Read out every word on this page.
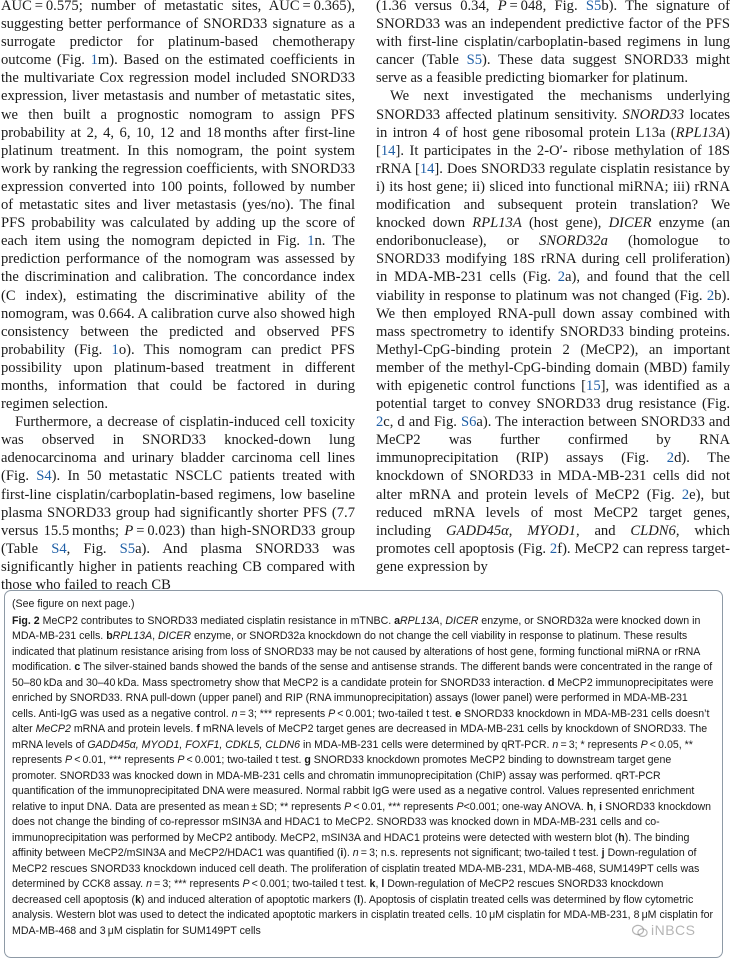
AUC = 0.575; number of metastatic sites, AUC = 0.365), suggesting better performance of SNORD33 signature as a surrogate predictor for platinum-based chemotherapy outcome (Fig. 1m). Based on the estimated coefficients in the multivariate Cox regression model included SNORD33 expression, liver metastasis and number of metastatic sites, we then built a prognostic nomogram to assign PFS probability at 2, 4, 6, 10, 12 and 18 months after first-line platinum treatment. In this nomogram, the point system work by ranking the regression coefficients, with SNORD33 expression converted into 100 points, followed by number of metastatic sites and liver metastasis (yes/no). The final PFS probability was calculated by adding up the score of each item using the nomogram depicted in Fig. 1n. The prediction performance of the nomogram was assessed by the discrimination and calibration. The concordance index (C index), estimating the discriminative ability of the nomogram, was 0.664. A calibration curve also showed high consistency between the predicted and observed PFS probability (Fig. 1o). This nomogram can predict PFS possibility upon platinum-based treatment in different months, information that could be factored in during regimen selection.

Furthermore, a decrease of cisplatin-induced cell toxicity was observed in SNORD33 knocked-down lung adenocarcinoma and urinary bladder carcinoma cell lines (Fig. S4). In 50 metastatic NSCLC patients treated with first-line cisplatin/carboplatin-based regimens, low baseline plasma SNORD33 group had significantly shorter PFS (7.7 versus 15.5 months; P = 0.023) than high-SNORD33 group (Table S4, Fig. S5a). And plasma SNORD33 was significantly higher in patients reaching CB compared with those who failed to reach CB

(1.36 versus 0.34, P = 048, Fig. S5b). The signature of SNORD33 was an independent predictive factor of the PFS with first-line cisplatin/carboplatin-based regimens in lung cancer (Table S5). These data suggest SNORD33 might serve as a feasible predicting biomarker for platinum.

We next investigated the mechanisms underlying SNORD33 affected platinum sensitivity. SNORD33 locates in intron 4 of host gene ribosomal protein L13a (RPL13A) [14]. It participates in the 2-O′- ribose methylation of 18S rRNA [14]. Does SNORD33 regulate cisplatin resistance by i) its host gene; ii) sliced into functional miRNA; iii) rRNA modification and subsequent protein translation? We knocked down RPL13A (host gene), DICER enzyme (an endoribonuclease), or SNORD32a (homologue to SNORD33 modifying 18S rRNA during cell proliferation) in MDA-MB-231 cells (Fig. 2a), and found that the cell viability in response to platinum was not changed (Fig. 2b). We then employed RNA-pull down assay combined with mass spectrometry to identify SNORD33 binding proteins. Methyl-CpG-binding protein 2 (MeCP2), an important member of the methyl-CpG-binding domain (MBD) family with epigenetic control functions [15], was identified as a potential target to convey SNORD33 drug resistance (Fig. 2c, d and Fig. S6a). The interaction between SNORD33 and MeCP2 was further confirmed by RNA immunoprecipitation (RIP) assays (Fig. 2d). The knockdown of SNORD33 in MDA-MB-231 cells did not alter mRNA and protein levels of MeCP2 (Fig. 2e), but reduced mRNA levels of most MeCP2 target genes, including GADD45α, MYOD1, and CLDN6, which promotes cell apoptosis (Fig. 2f). MeCP2 can repress target-gene expression by

(See figure on next page.)

Fig. 2 MeCP2 contributes to SNORD33 mediated cisplatin resistance in mTNBC. aRPL13A, DICER enzyme, or SNORD32a were knocked down in MDA-MB-231 cells. bRPL13A, DICER enzyme, or SNORD32a knockdown do not change the cell viability in response to platinum. These results indicated that platinum resistance arising from loss of SNORD33 may be not caused by alterations of host gene, forming functional miRNA or rRNA modification. c The silver-stained bands showed the bands of the sense and antisense strands. The different bands were concentrated in the range of 50–80 kDa and 30–40 kDa. Mass spectrometry show that MeCP2 is a candidate protein for SNORD33 interaction. d MeCP2 immunoprecipitates were enriched by SNORD33. RNA pull-down (upper panel) and RIP (RNA immunoprecipitation) assays (lower panel) were performed in MDA-MB-231 cells. Anti-IgG was used as a negative control. n = 3; *** represents P < 0.001; two-tailed t test. e SNORD33 knockdown in MDA-MB-231 cells doesn’t alter MeCP2 mRNA and protein levels. f mRNA levels of MeCP2 target genes are decreased in MDA-MB-231 cells by knockdown of SNORD33. The mRNA levels of GADD45α, MYOD1, FOXF1, CDKL5, CLDN6 in MDA-MB-231 cells were determined by qRT-PCR. n = 3; * represents P < 0.05, ** represents P < 0.01, *** represents P < 0.001; two-tailed t test. g SNORD33 knockdown promotes MeCP2 binding to downstream target gene promoter. SNORD33 was knocked down in MDA-MB-231 cells and chromatin immunoprecipitation (ChIP) assay was performed. qRT-PCR quantification of the immunoprecipitated DNA were measured. Normal rabbit IgG were used as a negative control. Values represented enrichment relative to input DNA. Data are presented as mean ± SD; ** represents P < 0.01, *** represents P<0.001; one-way ANOVA. h, i SNORD33 knockdown does not change the binding of co-repressor mSIN3A and HDAC1 to MeCP2. SNORD33 was knocked down in MDA-MB-231 cells and co-immunoprecipitation was performed by MeCP2 antibody. MeCP2, mSIN3A and HDAC1 proteins were detected with western blot (h). The binding affinity between MeCP2/mSIN3A and MeCP2/HDAC1 was quantified (i). n = 3; n.s. represents not significant; two-tailed t test. j Down-regulation of MeCP2 rescues SNORD33 knockdown induced cell death. The proliferation of cisplatin treated MDA-MB-231, MDA-MB-468, SUM149PT cells was determined by CCK8 assay. n = 3; *** represents P < 0.001; two-tailed t test. k, l Down-regulation of MeCP2 rescues SNORD33 knockdown decreased cell apoptosis (k) and induced alteration of apoptotic markers (l). Apoptosis of cisplatin treated cells was determined by flow cytometric analysis. Western blot was used to detect the indicated apoptotic markers in cisplatin treated cells. 10 μM cisplatin for MDA-MB-231, 8 μM cisplatin for MDA-MB-468 and 3 μM cisplatin for SUM149PT cells	iNBCS
